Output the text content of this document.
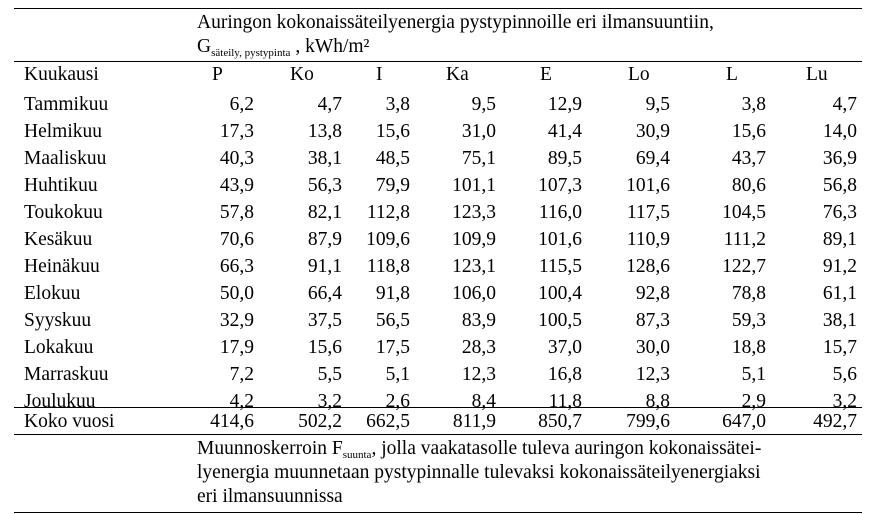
Auringon kokonaissäteilyenergia pystypinnoille eri ilmansuuntiin,
$G_{säteily, pystypinta}$ , kWh/m²
Kuukausi	P	Ko	I	Ka	E	Lo	L	Lu
Tammikuu	6,2	4,7	3,8	9,5	12,9	9,5	3,8	4,7
Helmikuu	17,3	13,8	15,6	31,0	41,4	30,9	15,6	14,0
Maaliskuu	40,3	38,1	48,5	75,1	89,5	69,4	43,7	36,9
Huhtikuu	43,9	56,3	79,9	101,1	107,3	101,6	80,6	56,8
Toukokuu	57,8	82,1	112,8	123,3	116,0	117,5	104,5	76,3
Kesäkuu	70,6	87,9	109,6	109,9	101,6	110,9	111,2	89,1
Heinäkuu	66,3	91,1	118,8	123,1	115,5	128,6	122,7	91,2
Elokuu	50,0	66,4	91,8	106,0	100,4	92,8	78,8	61,1
Syyskuu	32,9	37,5	56,5	83,9	100,5	87,3	59,3	38,1
Lokakuu	17,9	15,6	17,5	28,3	37,0	30,0	18,8	15,7
Marraskuu	7,2	5,5	5,1	12,3	16,8	12,3	5,1	5,6
Joulukuu	4,2	3,2	2,6	8,4	11,8	8,8	2,9	3,2
Koko vuosi	414,6	502,2	662,5	811,9	850,7	799,6	647,0	492,7
Muunnoskerroin $F_{suunta}$, jolla vaakatasolle tuleva auringon kokonaissätei-
lyenergia muunnetaan pystypinnalle tulevaksi kokonaissäteilyenergiaksi
eri ilmansuunnissa
